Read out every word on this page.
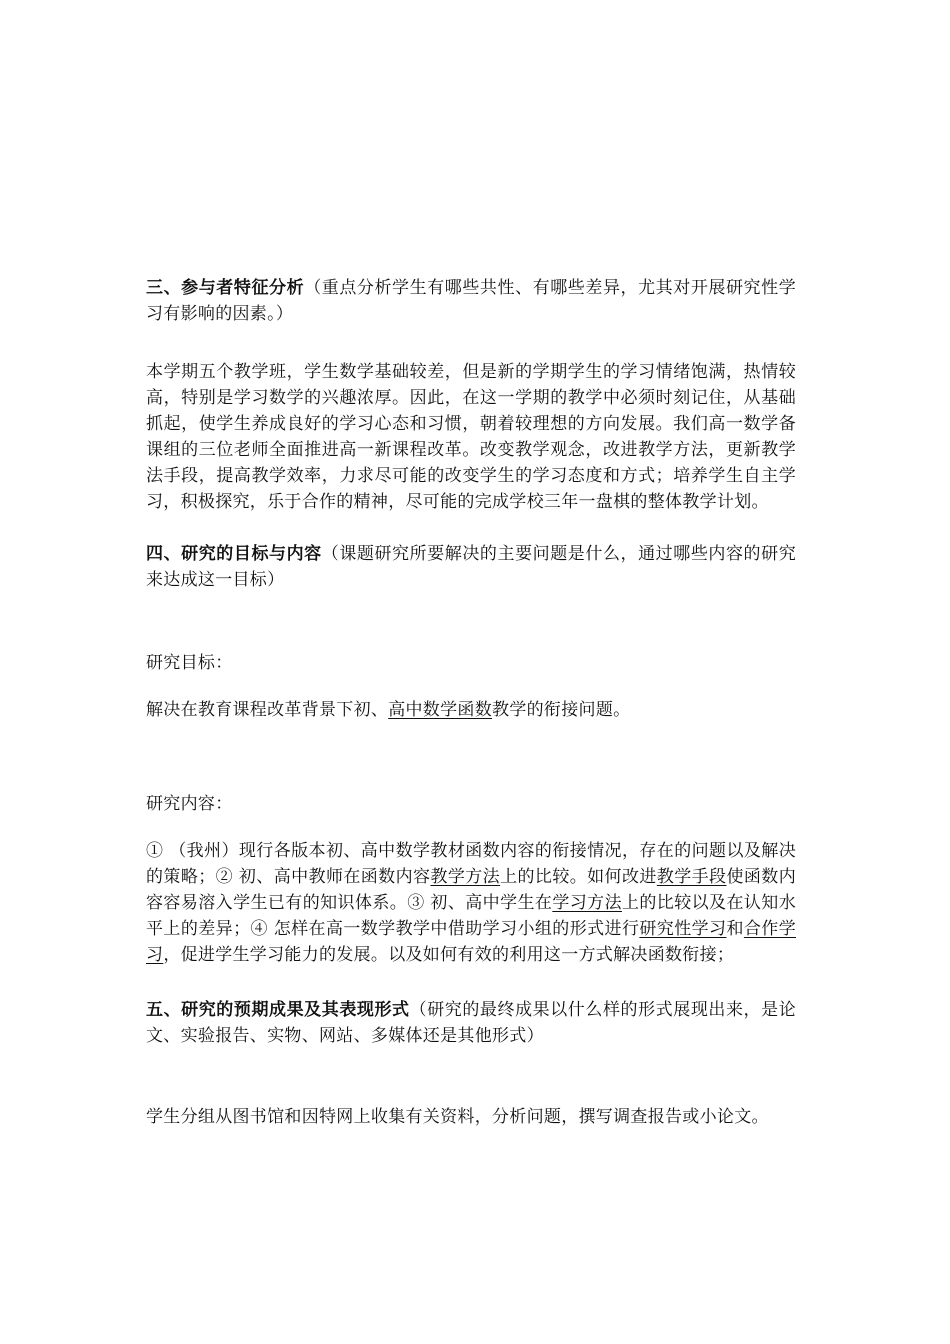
三、参与者特征分析（重点分析学生有哪些共性、有哪些差异，尤其对开展研究性学习有影响的因素。）

本学期五个教学班，学生数学基础较差，但是新的学期学生的学习情绪饱满，热情较高，特别是学习数学的兴趣浓厚。因此，在这一学期的教学中必须时刻记住，从基础抓起，使学生养成良好的学习心态和习惯，朝着较理想的方向发展。我们高一数学备课组的三位老师全面推进高一新课程改革。改变教学观念，改进教学方法，更新教学法手段，提高教学效率，力求尽可能的改变学生的学习态度和方式；培养学生自主学习，积极探究，乐于合作的精神，尽可能的完成学校三年一盘棋的整体教学计划。

四、研究的目标与内容（课题研究所要解决的主要问题是什么，通过哪些内容的研究来达成这一目标）

研究目标：

解决在教育课程改革背景下初、高中数学函数教学的衔接问题。

研究内容：

① （我州）现行各版本初、高中数学教材函数内容的衔接情况，存在的问题以及解决的策略；② 初、高中教师在函数内容教学方法上的比较。如何改进教学手段使函数内容容易溶入学生已有的知识体系。③ 初、高中学生在学习方法上的比较以及在认知水平上的差异；④ 怎样在高一数学教学中借助学习小组的形式进行研究性学习和合作学习，促进学生学习能力的发展。以及如何有效的利用这一方式解决函数衔接；

五、研究的预期成果及其表现形式（研究的最终成果以什么样的形式展现出来，是论文、实验报告、实物、网站、多媒体还是其他形式）

学生分组从图书馆和因特网上收集有关资料，分析问题，撰写调查报告或小论文。
